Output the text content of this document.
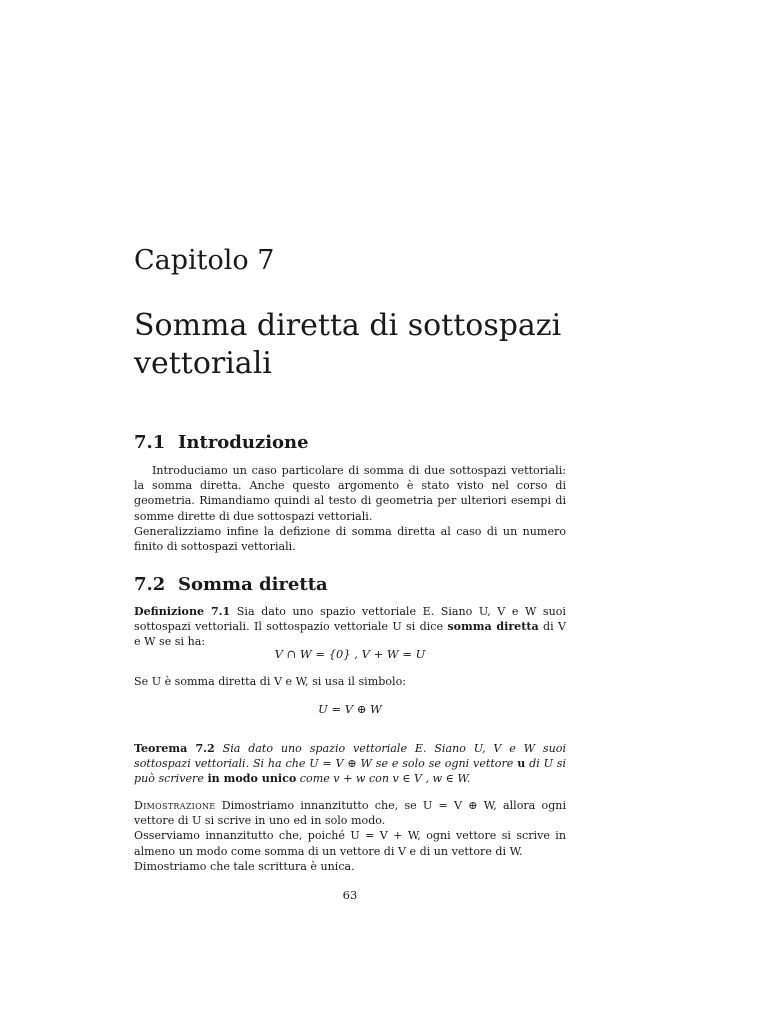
Capitolo 7
Somma diretta di sottospazi vettoriali
7.1 Introduzione

Introduciamo un caso particolare di somma di due sottospazi vettoriali: la somma diretta. Anche questo argomento è stato visto nel corso di geometria. Rimandiamo quindi al testo di geometria per ulteriori esempi di somme dirette di due sottospazi vettoriali.

Generalizziamo infine la defizione di somma diretta al caso di un numero finito di sottospazi vettoriali.

7.2 Somma diretta

Definizione 7.1 Sia dato uno spazio vettoriale E. Siano U, V e W suoi sottospazi vettoriali. Il sottospazio vettoriale U si dice somma diretta di V e W se si ha:

V ∩ W = {0} , V + W = U

Se U è somma diretta di V e W, si usa il simbolo:

U = V ⊕ W

Teorema 7.2 Sia dato uno spazio vettoriale E. Siano U, V e W suoi sottospazi vettoriali. Si ha che U = V ⊕ W se e solo se ogni vettore u di U si può scrivere in modo unico come v + w con v ∈ V , w ∈ W.

Dimostrazione Dimostriamo innanzitutto che, se U = V ⊕ W, allora ogni vettore di U si scrive in uno ed in solo modo.

Osserviamo innanzitutto che, poiché U = V + W, ogni vettore si scrive in almeno un modo come somma di un vettore di V e di un vettore di W.

Dimostriamo che tale scrittura è unica.

63
